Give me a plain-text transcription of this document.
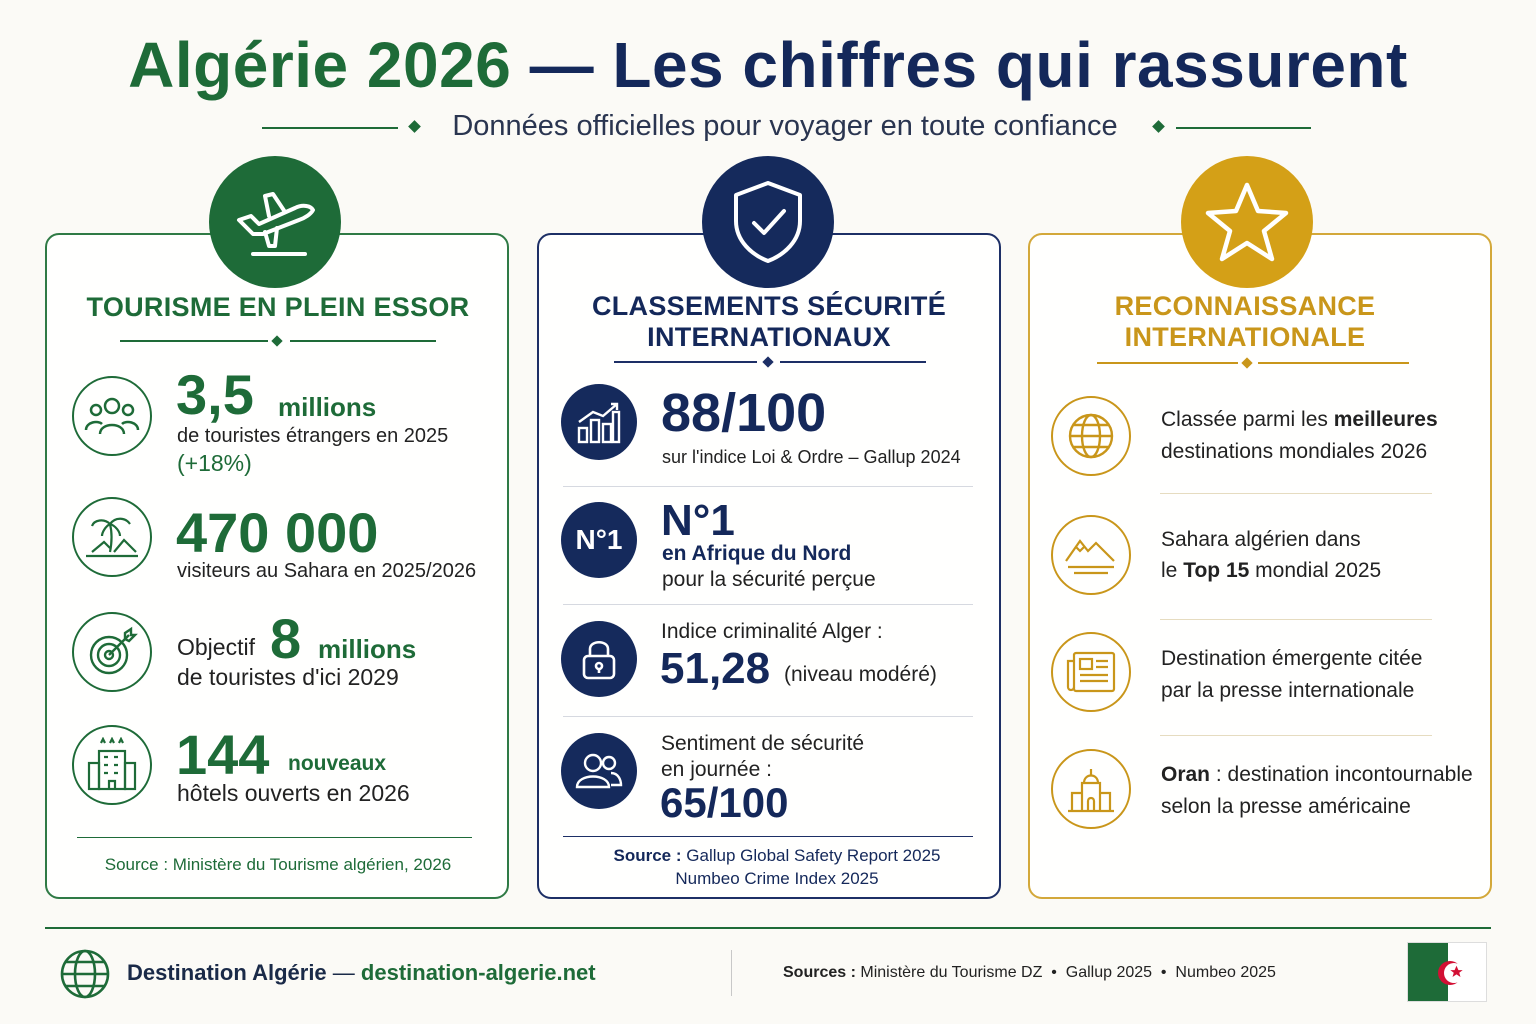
Algérie 2026 — Les chiffres qui rassurent
Données officielles pour voyager en toute confiance
TOURISME EN PLEIN ESSOR
3,5 millions
de touristes étrangers en 2025
(+18%)
470 000
visiteurs au Sahara en 2025/2026
Objectif 8 millions
de touristes d'ici 2029
144 nouveaux
hôtels ouverts en 2026
Source : Ministère du Tourisme algérien, 2026
CLASSEMENTS SÉCURITÉ
INTERNATIONAUX
88/100
sur l'indice Loi & Ordre – Gallup 2024
N°1 N°1
en Afrique du Nord
pour la sécurité perçue
Indice criminalité Alger :
51,28 (niveau modéré)
Sentiment de sécurité
en journée :
65/100
Source : Gallup Global Safety Report 2025
Numbeo Crime Index 2025
RECONNAISSANCE
INTERNATIONALE
Classée parmi les meilleures
destinations mondiales 2026
Sahara algérien dans
le Top 15 mondial 2025
Destination émergente citée
par la presse internationale
Oran : destination incontournable
selon la presse américaine
Destination Algérie — destination-algerie.net	Sources : Ministère du Tourisme DZ  •  Gallup 2025  •  Numbeo 2025
